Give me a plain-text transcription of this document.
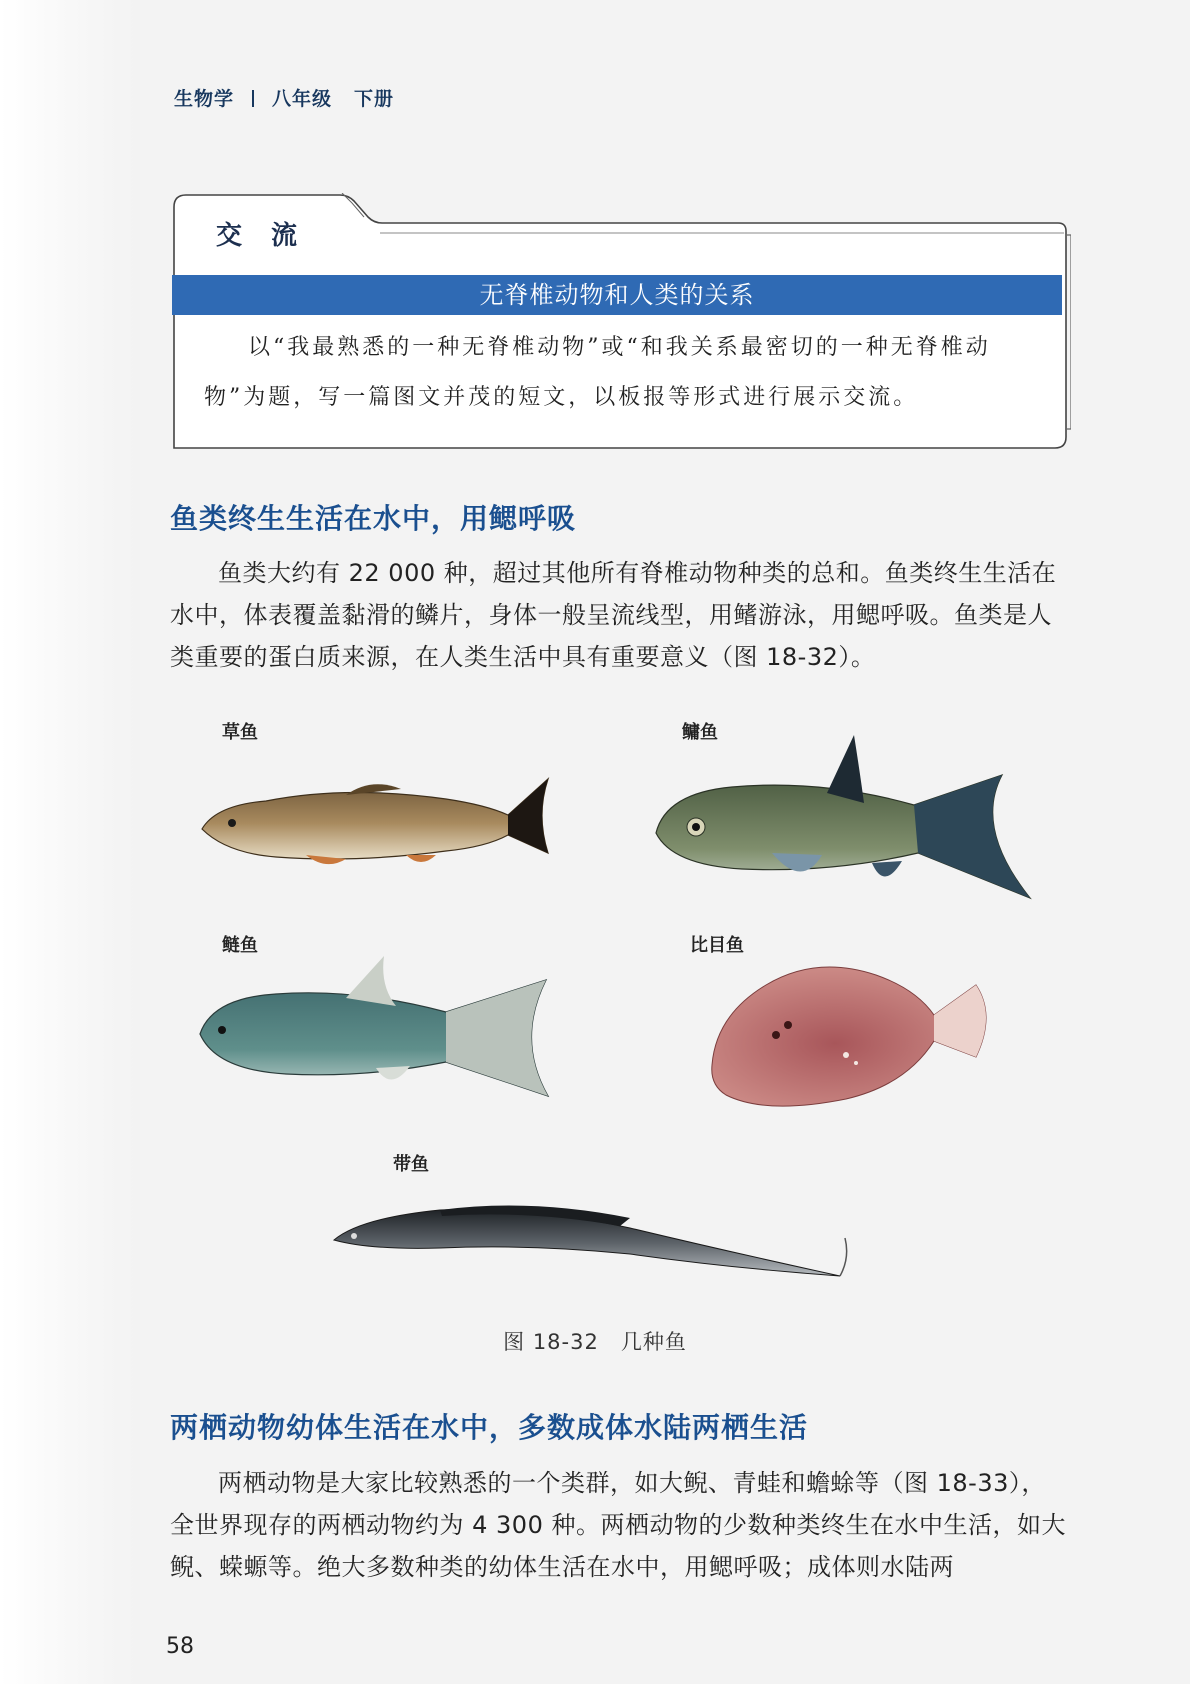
生物学 八年级 下册
交 流
无脊椎动物和人类的关系
以“我最熟悉的一种无脊椎动物”或“和我关系最密切的一种无脊椎动物”为题，写一篇图文并茂的短文，以板报等形式进行展示交流。
鱼类终生生活在水中，用鳃呼吸
鱼类大约有 22 000 种，超过其他所有脊椎动物种类的总和。鱼类终生生活在水中，体表覆盖黏滑的鳞片，身体一般呈流线型，用鳍游泳，用鳃呼吸。鱼类是人类重要的蛋白质来源，在人类生活中具有重要意义（图 18-32）。
草鱼	鳙鱼
鲢鱼	比目鱼
带鱼
图 18-32　几种鱼
两栖动物幼体生活在水中，多数成体水陆两栖生活
两栖动物是大家比较熟悉的一个类群，如大鲵、青蛙和蟾蜍等（图 18-33），全世界现存的两栖动物约为 4 300 种。两栖动物的少数种类终生在水中生活，如大鲵、蝾螈等。绝大多数种类的幼体生活在水中，用鳃呼吸；成体则水陆两
58
